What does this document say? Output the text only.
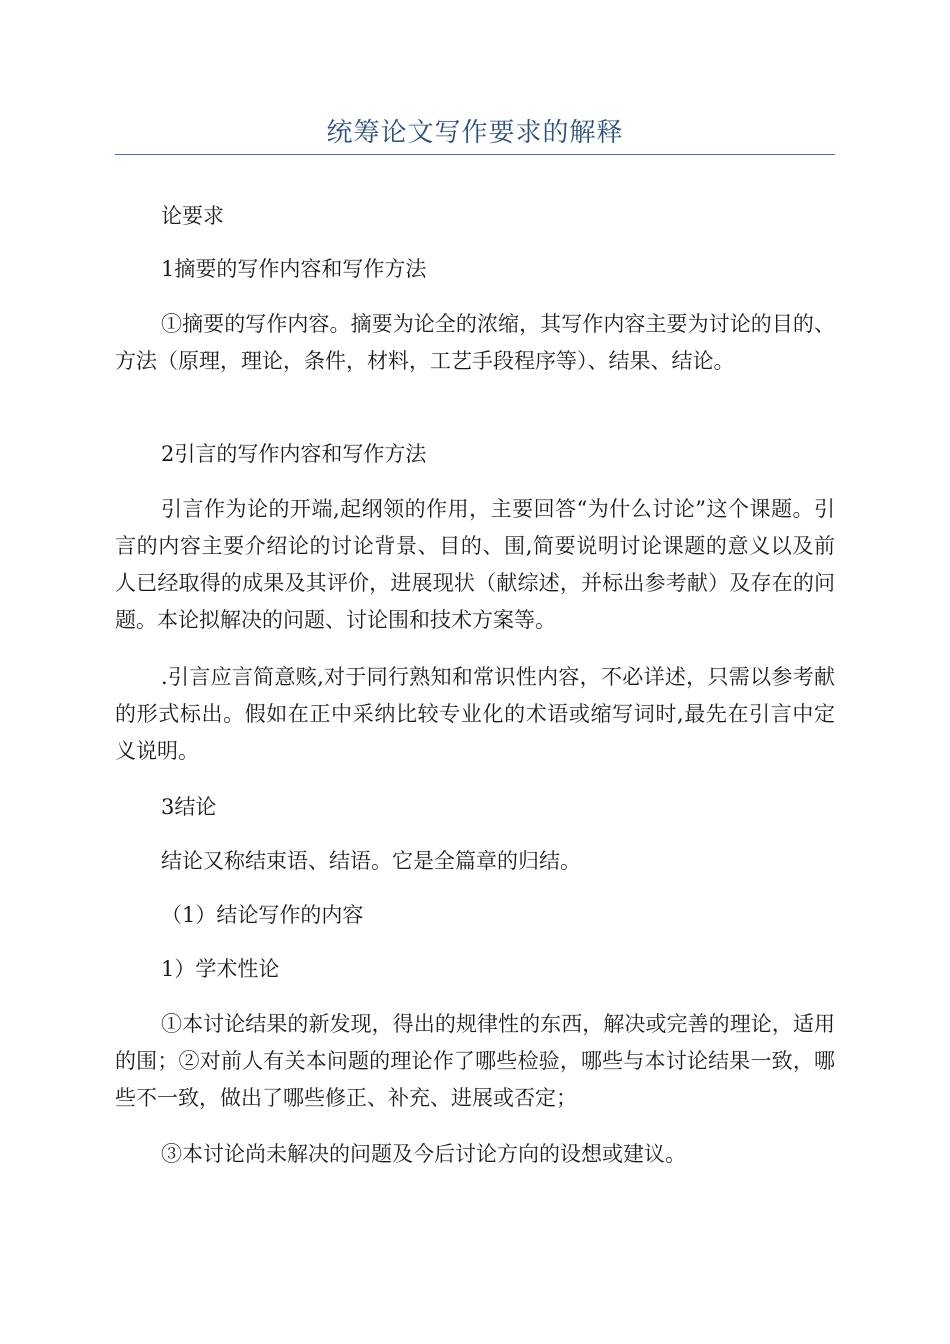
统筹论文写作要求的解释

论要求

1摘要的写作内容和写作方法

①摘要的写作内容。摘要为论全的浓缩，其写作内容主要为讨论的目的、方法（原理，理论，条件，材料，工艺手段程序等）、结果、结论。

2引言的写作内容和写作方法

引言作为论的开端,起纲领的作用，主要回答“为什么讨论”这个课题。引言的内容主要介绍论的讨论背景、目的、围,简要说明讨论课题的意义以及前人已经取得的成果及其评价，进展现状（献综述，并标出参考献）及存在的问题。本论拟解决的问题、讨论围和技术方案等。

.引言应言简意赅,对于同行熟知和常识性内容，不必详述，只需以参考献的形式标出。假如在正中采纳比较专业化的术语或缩写词时,最先在引言中定义说明。

3结论

结论又称结束语、结语。它是全篇章的归结。

（1）结论写作的内容

1）学术性论

①本讨论结果的新发现，得出的规律性的东西，解决或完善的理论，适用的围；②对前人有关本问题的理论作了哪些检验，哪些与本讨论结果一致，哪些不一致，做出了哪些修正、补充、进展或否定；

③本讨论尚未解决的问题及今后讨论方向的设想或建议。
